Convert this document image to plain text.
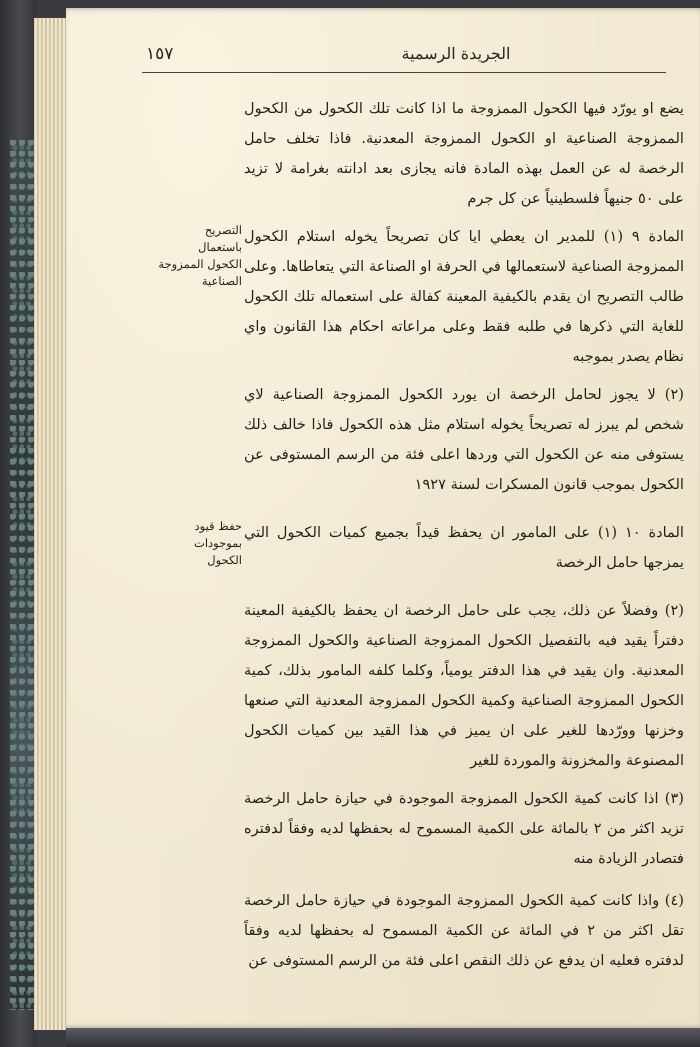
١٥٧	الجريدة الرسمية
التصريح باستعمال
الكحول الممزوجة
الصناعية
حفظ قيود
بموجودات الكحول

يضع او يورّد فيها الكحول الممزوجة ما اذا كانت تلك الكحول من الكحول الممزوجة الصناعية او الكحول الممزوجة المعدنية. فاذا تخلف حامل الرخصة له عن العمل بهذه المادة فانه يجازى بعد ادانته بغرامة لا تزيد على ٥٠ جنيهاً فلسطينياً عن كل جرم

المادة ٩ (١) للمدير ان يعطي ايا كان تصريحاً يخوله استلام الكحول الممزوجة الصناعية لاستعمالها في الحرفة او الصناعة التي يتعاطاها. وعلى طالب التصريح ان يقدم بالكيفية المعينة كفالة على استعماله تلك الكحول للغاية التي ذكرها في طلبه فقط وعلى مراعاته احكام هذا القانون واي نظام يصدر بموجبه

(٢) لا يجوز لحامل الرخصة ان يورد الكحول الممزوجة الصناعية لاي شخص لم يبرز له تصريحاً يخوله استلام مثل هذه الكحول فاذا خالف ذلك يستوفى منه عن الكحول التي وردها اعلى فئة من الرسم المستوفى عن الكحول بموجب قانون المسكرات لسنة ١٩٢٧

المادة ١٠ (١) على المامور ان يحفظ قيداً بجميع كميات الكحول التي يمزجها حامل الرخصة

(٢) وفضلاً عن ذلك، يجب على حامل الرخصة ان يحفظ بالكيفية المعينة دفتراً يقيد فيه بالتفصيل الكحول الممزوجة الصناعية والكحول الممزوجة المعدنية. وان يقيد في هذا الدفتر يومياً، وكلما كلفه المامور بذلك، كمية الكحول الممزوجة الصناعية وكمية الكحول الممزوجة المعدنية التي صنعها وخزنها وورّدها للغير على ان يميز في هذا القيد بين كميات الكحول المصنوعة والمخزونة والموردة للغير

(٣) اذا كانت كمية الكحول الممزوجة الموجودة في حيازة حامل الرخصة تزيد اكثر من ٢ بالمائة على الكمية المسموح له بحفظها لديه وفقاً لدفتره فتصادر الزيادة منه

(٤) واذا كانت كمية الكحول الممزوجة الموجودة في حيازة حامل الرخصة تقل اكثر من ٢ في المائة عن الكمية المسموح له بحفظها لديه وفقاً لدفتره فعليه ان يدفع عن ذلك النقص اعلى فئة من الرسم المستوفى عن
